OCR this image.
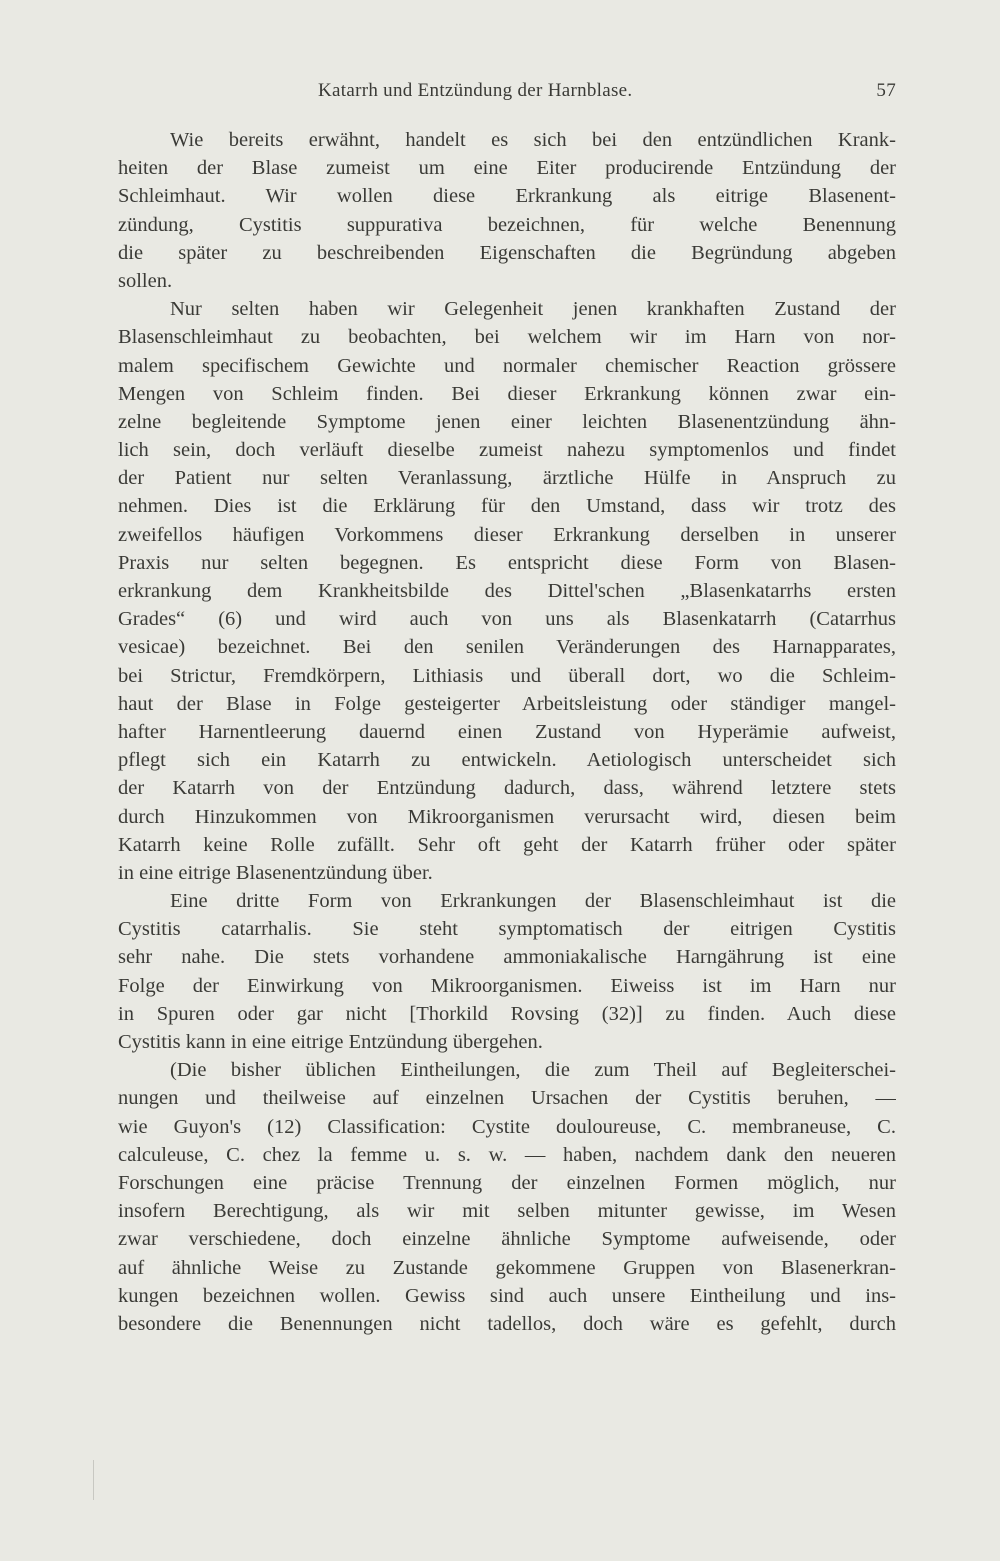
Katarrh und Entzündung der Harnblase.	57
Wie bereits erwähnt, handelt es sich bei den entzündlichen Krank-
heiten der Blase zumeist um eine Eiter producirende Entzündung der
Schleimhaut. Wir wollen diese Erkrankung als eitrige Blasenent-
zündung, Cystitis suppurativa bezeichnen, für welche Benennung
die später zu beschreibenden Eigenschaften die Begründung abgeben
sollen.
Nur selten haben wir Gelegenheit jenen krankhaften Zustand der
Blasenschleimhaut zu beobachten, bei welchem wir im Harn von nor-
malem specifischem Gewichte und normaler chemischer Reaction grössere
Mengen von Schleim finden. Bei dieser Erkrankung können zwar ein-
zelne begleitende Symptome jenen einer leichten Blasenentzündung ähn-
lich sein, doch verläuft dieselbe zumeist nahezu symptomenlos und findet
der Patient nur selten Veranlassung, ärztliche Hülfe in Anspruch zu
nehmen. Dies ist die Erklärung für den Umstand, dass wir trotz des
zweifellos häufigen Vorkommens dieser Erkrankung derselben in unserer
Praxis nur selten begegnen. Es entspricht diese Form von Blasen-
erkrankung dem Krankheitsbilde des Dittel'schen „Blasenkatarrhs ersten
Grades“ (6) und wird auch von uns als Blasenkatarrh (Catarrhus
vesicae) bezeichnet. Bei den senilen Veränderungen des Harnapparates,
bei Strictur, Fremdkörpern, Lithiasis und überall dort, wo die Schleim-
haut der Blase in Folge gesteigerter Arbeitsleistung oder ständiger mangel-
hafter Harnentleerung dauernd einen Zustand von Hyperämie aufweist,
pflegt sich ein Katarrh zu entwickeln. Aetiologisch unterscheidet sich
der Katarrh von der Entzündung dadurch, dass, während letztere stets
durch Hinzukommen von Mikroorganismen verursacht wird, diesen beim
Katarrh keine Rolle zufällt. Sehr oft geht der Katarrh früher oder später
in eine eitrige Blasenentzündung über.
Eine dritte Form von Erkrankungen der Blasenschleimhaut ist die
Cystitis catarrhalis. Sie steht symptomatisch der eitrigen Cystitis
sehr nahe. Die stets vorhandene ammoniakalische Harngährung ist eine
Folge der Einwirkung von Mikroorganismen. Eiweiss ist im Harn nur
in Spuren oder gar nicht [Thorkild Rovsing (32)] zu finden. Auch diese
Cystitis kann in eine eitrige Entzündung übergehen.
(Die bisher üblichen Eintheilungen, die zum Theil auf Begleiterschei-
nungen und theilweise auf einzelnen Ursachen der Cystitis beruhen, —
wie Guyon's (12) Classification: Cystite douloureuse, C. membraneuse, C.
calculeuse, C. chez la femme u. s. w. — haben, nachdem dank den neueren
Forschungen eine präcise Trennung der einzelnen Formen möglich, nur
insofern Berechtigung, als wir mit selben mitunter gewisse, im Wesen
zwar verschiedene, doch einzelne ähnliche Symptome aufweisende, oder
auf ähnliche Weise zu Zustande gekommene Gruppen von Blasenerkran-
kungen bezeichnen wollen. Gewiss sind auch unsere Eintheilung und ins-
besondere die Benennungen nicht tadellos, doch wäre es gefehlt, durch
